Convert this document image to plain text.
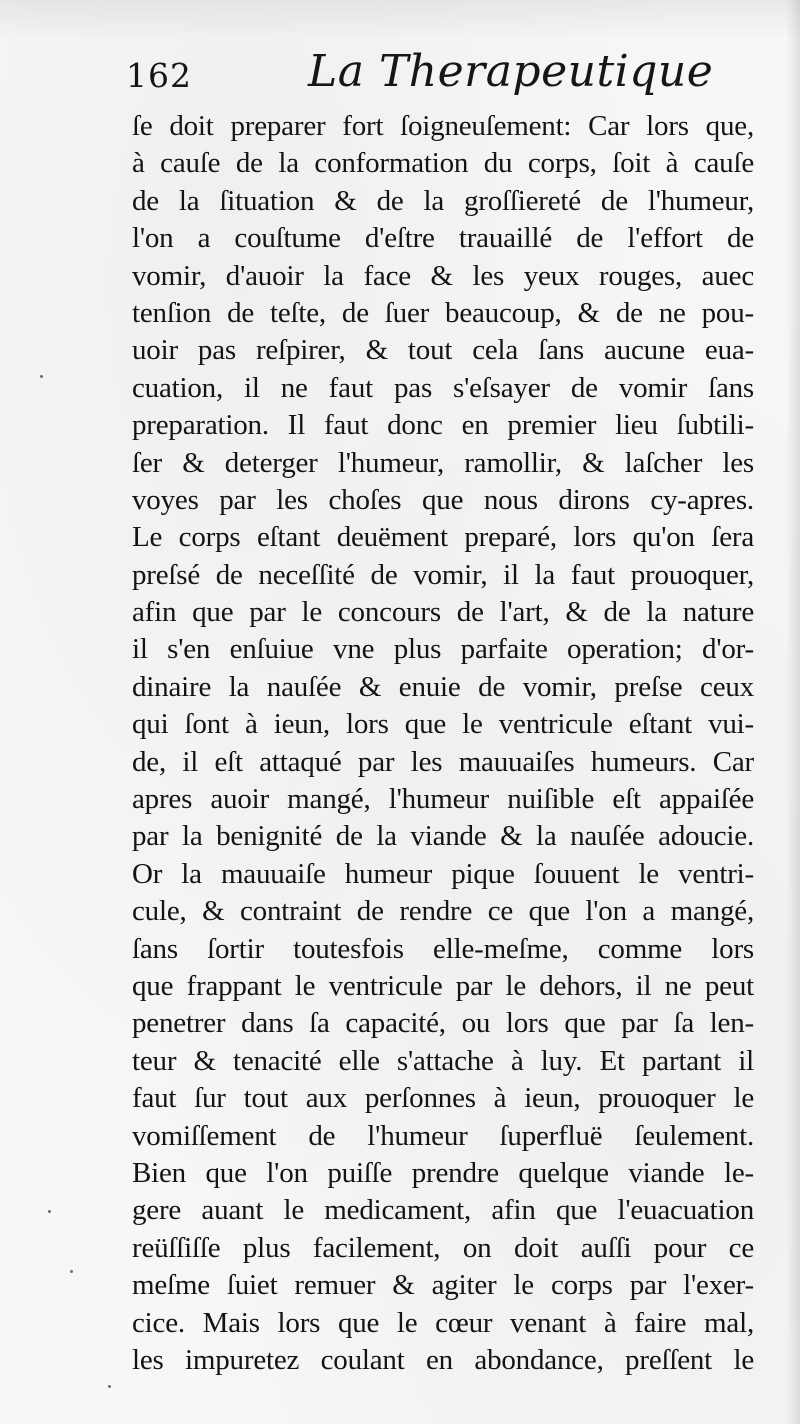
162	La Therapeutique
ſe doit preparer fort ſoigneuſement: Car lors que,
à cauſe de la conformation du corps, ſoit à cauſe
de la ſituation & de la groſſiereté de l'humeur,
l'on a couſtume d'eſtre trauaillé de l'effort de
vomir, d'auoir la face & les yeux rouges, auec
tenſion de teſte, de ſuer beaucoup, & de ne pou-
uoir pas reſpirer, & tout cela ſans aucune eua-
cuation, il ne faut pas s'eſsayer de vomir ſans
preparation. Il faut donc en premier lieu ſubtili-
ſer & deterger l'humeur, ramollir, & laſcher les
voyes par les choſes que nous dirons cy-apres.
Le corps eſtant deuëment preparé, lors qu'on ſera
preſsé de neceſſité de vomir, il la faut prouoquer,
afin que par le concours de l'art, & de la nature
il s'en enſuiue vne plus parfaite operation; d'or-
dinaire la nauſée & enuie de vomir, preſse ceux
qui ſont à ieun, lors que le ventricule eſtant vui-
de, il eſt attaqué par les mauuaiſes humeurs. Car
apres auoir mangé, l'humeur nuiſible eſt appaiſée
par la benignité de la viande & la nauſée adoucie.
Or la mauuaiſe humeur pique ſouuent le ventri-
cule, & contraint de rendre ce que l'on a mangé,
ſans ſortir toutesfois elle-meſme, comme lors
que frappant le ventricule par le dehors, il ne peut
penetrer dans ſa capacité, ou lors que par ſa len-
teur & tenacité elle s'attache à luy. Et partant il
faut ſur tout aux perſonnes à ieun, prouoquer le
vomiſſement de l'humeur ſuperfluë ſeulement.
Bien que l'on puiſſe prendre quelque viande le-
gere auant le medicament, afin que l'euacuation
reüſſiſſe plus facilement, on doit auſſi pour ce
meſme ſuiet remuer & agiter le corps par l'exer-
cice. Mais lors que le cœur venant à faire mal,
les impuretez coulant en abondance, preſſent le
